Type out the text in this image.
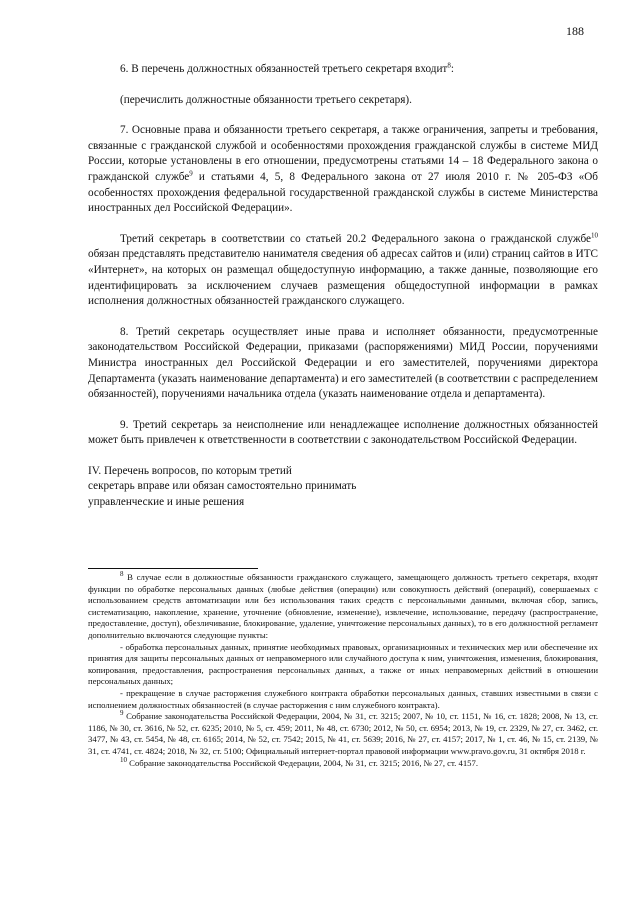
188

6. В перечень должностных обязанностей третьего секретаря входит$^8$:

(перечислить должностные обязанности третьего секретаря).

7. Основные права и обязанности третьего секретаря, а также ограничения, запреты и требования, связанные с гражданской службой и особенностями прохождения гражданской службы в системе МИД России, которые установлены в его отношении, предусмотрены статьями 14 – 18 Федерального закона о гражданской службе$^9$ и статьями 4, 5, 8 Федерального закона от 27 июля 2010 г. № 205-ФЗ «Об особенностях прохождения федеральной государственной гражданской службы в системе Министерства иностранных дел Российской Федерации».

Третий секретарь в соответствии со статьей 20.2 Федерального закона о гражданской службе$^{10}$ обязан представлять представителю нанимателя сведения об адресах сайтов и (или) страниц сайтов в ИТС «Интернет», на которых он размещал общедоступную информацию, а также данные, позволяющие его идентифицировать за исключением случаев размещения общедоступной информации в рамках исполнения должностных обязанностей гражданского служащего.

8. Третий секретарь осуществляет иные права и исполняет обязанности, предусмотренные законодательством Российской Федерации, приказами (распоряжениями) МИД России, поручениями Министра иностранных дел Российской Федерации и его заместителей, поручениями директора Департамента (указать наименование департамента) и его заместителей (в соответствии с распределением обязанностей), поручениями начальника отдела (указать наименование отдела и департамента).

9. Третий секретарь за неисполнение или ненадлежащее исполнение должностных обязанностей может быть привлечен к ответственности в соответствии с законодательством Российской Федерации.

IV. Перечень вопросов, по которым третий
секретарь вправе или обязан самостоятельно принимать
управленческие и иные решения

$^8$ В случае если в должностные обязанности гражданского служащего, замещающего должность третьего секретаря, входят функции по обработке персональных данных (любые действия (операции) или совокупность действий (операций), совершаемых с использованием средств автоматизации или без использования таких средств с персональными данными, включая сбор, запись, систематизацию, накопление, хранение, уточнение (обновление, изменение), извлечение, использование, передачу (распространение, предоставление, доступ), обезличивание, блокирование, удаление, уничтожение персональных данных), то в его должностной регламент дополнительно включаются следующие пункты:

- обработка персональных данных, принятие необходимых правовых, организационных и технических мер или обеспечение их принятия для защиты персональных данных от неправомерного или случайного доступа к ним, уничтожения, изменения, блокирования, копирования, предоставления, распространения персональных данных, а также от иных неправомерных действий в отношении персональных данных;

- прекращение в случае расторжения служебного контракта обработки персональных данных, ставших известными в связи с исполнением должностных обязанностей (в случае расторжения с ним служебного контракта).

$^9$ Собрание законодательства Российской Федерации, 2004, № 31, ст. 3215; 2007, № 10, ст. 1151, № 16, ст. 1828; 2008, № 13, ст. 1186, № 30, ст. 3616, № 52, ст. 6235; 2010, № 5, ст. 459; 2011, № 48, ст. 6730; 2012, № 50, ст. 6954; 2013, № 19, ст. 2329, № 27, ст. 3462, ст. 3477, № 43, ст. 5454, № 48, ст. 6165; 2014, № 52, ст. 7542; 2015, № 41, ст. 5639; 2016, № 27, ст. 4157; 2017, № 1, ст. 46, № 15, ст. 2139, № 31, ст. 4741, ст. 4824; 2018, № 32, ст. 5100; Официальный интернет-портал правовой информации www.pravo.gov.ru, 31 октября 2018 г.

$^{10}$ Собрание законодательства Российской Федерации, 2004, № 31, ст. 3215; 2016, № 27, ст. 4157.
